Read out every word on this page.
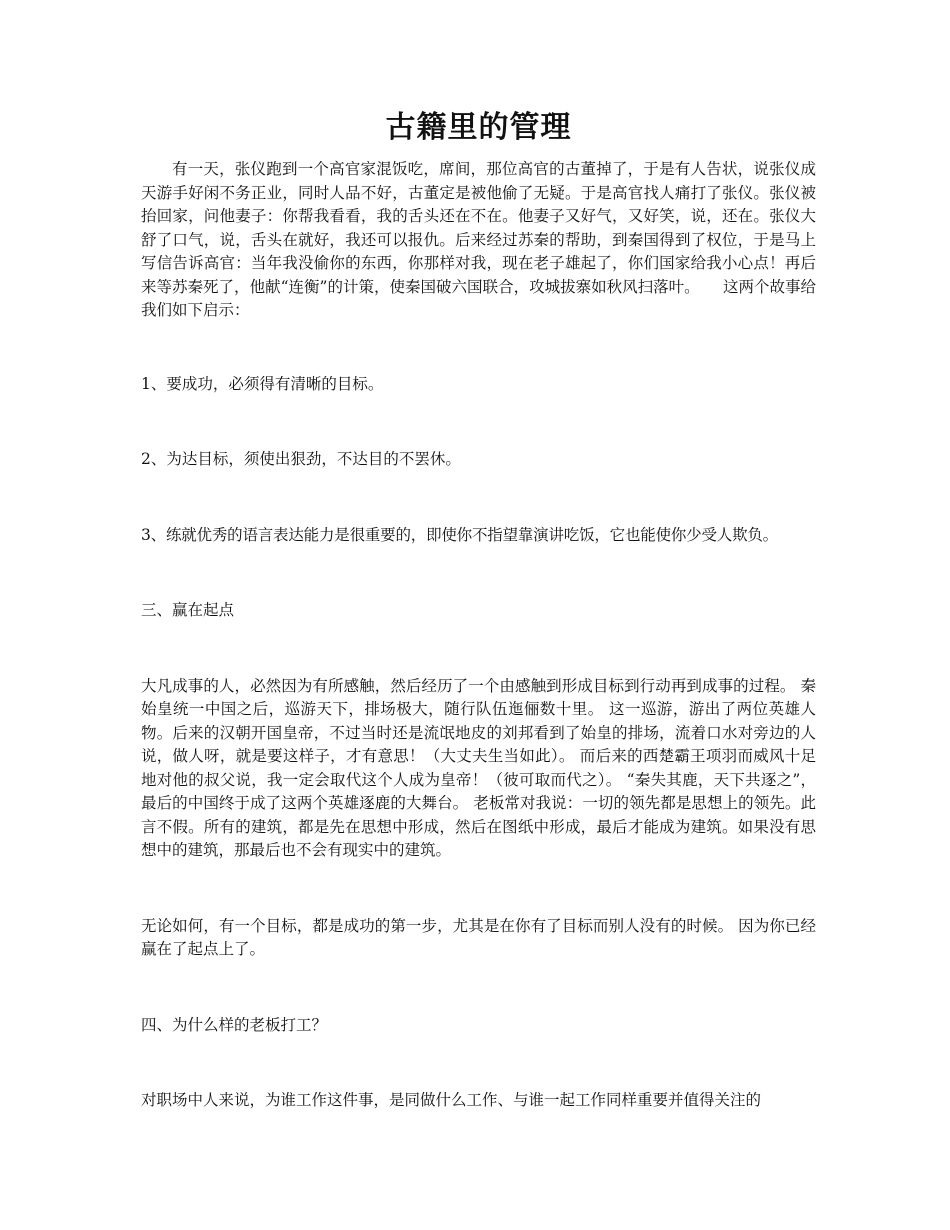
古籍里的管理

有一天，张仪跑到一个高官家混饭吃，席间，那位高官的古董掉了，于是有人告状，说张仪成天游手好闲不务正业，同时人品不好，古董定是被他偷了无疑。于是高官找人痛打了张仪。张仪被抬回家，问他妻子：你帮我看看，我的舌头还在不在。他妻子又好气，又好笑，说，还在。张仪大舒了口气，说，舌头在就好，我还可以报仇。后来经过苏秦的帮助，到秦国得到了权位，于是马上写信告诉高官：当年我没偷你的东西，你那样对我，现在老子雄起了，你们国家给我小心点！再后来等苏秦死了，他献“连衡”的计策，使秦国破六国联合，攻城拔寨如秋风扫落叶。　　这两个故事给我们如下启示：

1、要成功，必须得有清晰的目标。

2、为达目标，须使出狠劲，不达目的不罢休。

3、练就优秀的语言表达能力是很重要的，即使你不指望靠演讲吃饭，它也能使你少受人欺负。

三、赢在起点

大凡成事的人，必然因为有所感触，然后经历了一个由感触到形成目标到行动再到成事的过程。 秦始皇统一中国之后，巡游天下，排场极大，随行队伍迤俪数十里。 这一巡游，游出了两位英雄人物。后来的汉朝开国皇帝，不过当时还是流氓地皮的刘邦看到了始皇的排场，流着口水对旁边的人说，做人呀，就是要这样子，才有意思！（大丈夫生当如此）。 而后来的西楚霸王项羽而威风十足地对他的叔父说，我一定会取代这个人成为皇帝！（彼可取而代之）。 “秦失其鹿，天下共逐之”，最后的中国终于成了这两个英雄逐鹿的大舞台。 老板常对我说：一切的领先都是思想上的领先。此言不假。所有的建筑，都是先在思想中形成，然后在图纸中形成，最后才能成为建筑。如果没有思想中的建筑，那最后也不会有现实中的建筑。

无论如何，有一个目标，都是成功的第一步，尤其是在你有了目标而别人没有的时候。 因为你已经赢在了起点上了。

四、为什么样的老板打工？

对职场中人来说，为谁工作这件事，是同做什么工作、与谁一起工作同样重要并值得关注的
